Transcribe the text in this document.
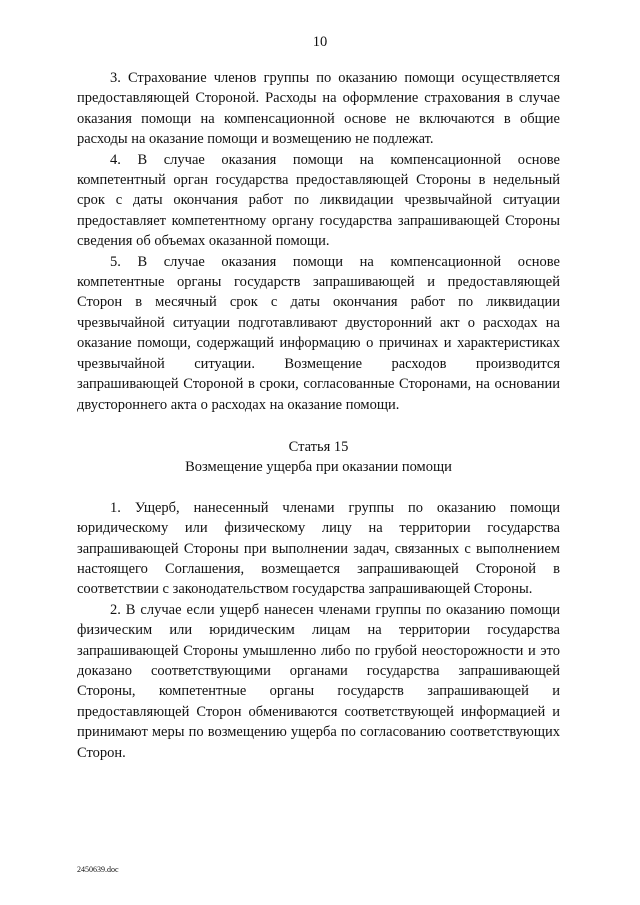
10

3. Страхование членов группы по оказанию помощи осуществляется предоставляющей Стороной. Расходы на оформление страхования в случае оказания помощи на компенсационной основе не включаются в общие расходы на оказание помощи и возмещению не подлежат.

4. В случае оказания помощи на компенсационной основе компетентный орган государства предоставляющей Стороны в недельный срок с даты окончания работ по ликвидации чрезвычайной ситуации предоставляет компетентному органу государства запрашивающей Стороны сведения об объемах оказанной помощи.

5. В случае оказания помощи на компенсационной основе компетентные органы государств запрашивающей и предоставляющей Сторон в месячный срок с даты окончания работ по ликвидации чрезвычайной ситуации подготавливают двусторонний акт о расходах на оказание помощи, содержащий информацию о причинах и характеристиках чрезвычайной ситуации. Возмещение расходов производится запрашивающей Стороной в сроки, согласованные Сторонами, на основании двустороннего акта о расходах на оказание помощи.

Статья 15

Возмещение ущерба при оказании помощи

1. Ущерб, нанесенный членами группы по оказанию помощи юридическому или физическому лицу на территории государства запрашивающей Стороны при выполнении задач, связанных с выполнением настоящего Соглашения, возмещается запрашивающей Стороной в соответствии с законодательством государства запрашивающей Стороны.

2. В случае если ущерб нанесен членами группы по оказанию помощи физическим или юридическим лицам на территории государства запрашивающей Стороны умышленно либо по грубой неосторожности и это доказано соответствующими органами государства запрашивающей Стороны, компетентные органы государств запрашивающей и предоставляющей Сторон обмениваются соответствующей информацией и принимают меры по возмещению ущерба по согласованию соответствующих Сторон.

2450639.doc
